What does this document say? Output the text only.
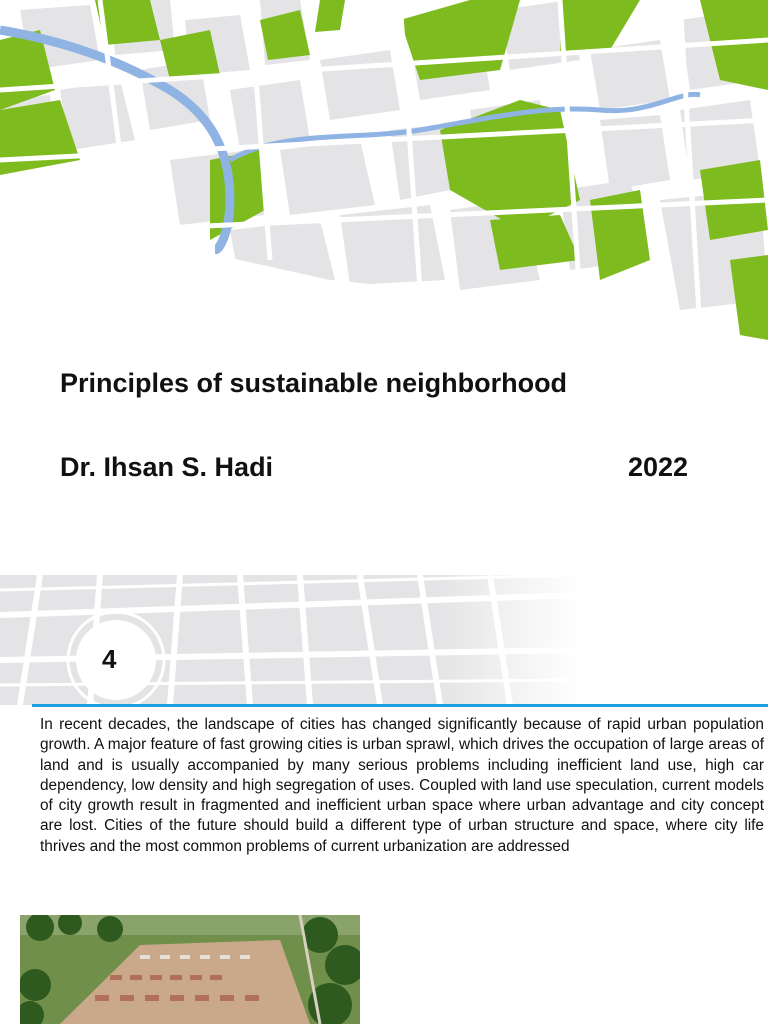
Principles of sustainable neighborhood
Dr. Ihsan S. Hadi	2022
4

In recent decades, the landscape of cities has changed significantly because of rapid urban population growth. A major feature of fast growing cities is urban sprawl, which drives the occupation of large areas of land and is usually accompanied by many serious problems including inefficient land use, high car dependency, low density and high segregation of uses. Coupled with land use speculation, current models of city growth result in fragmented and inefficient urban space where urban advantage and city concept are lost. Cities of the future should build a different type of urban structure and space, where city life thrives and the most common problems of current urbanization are addressed
